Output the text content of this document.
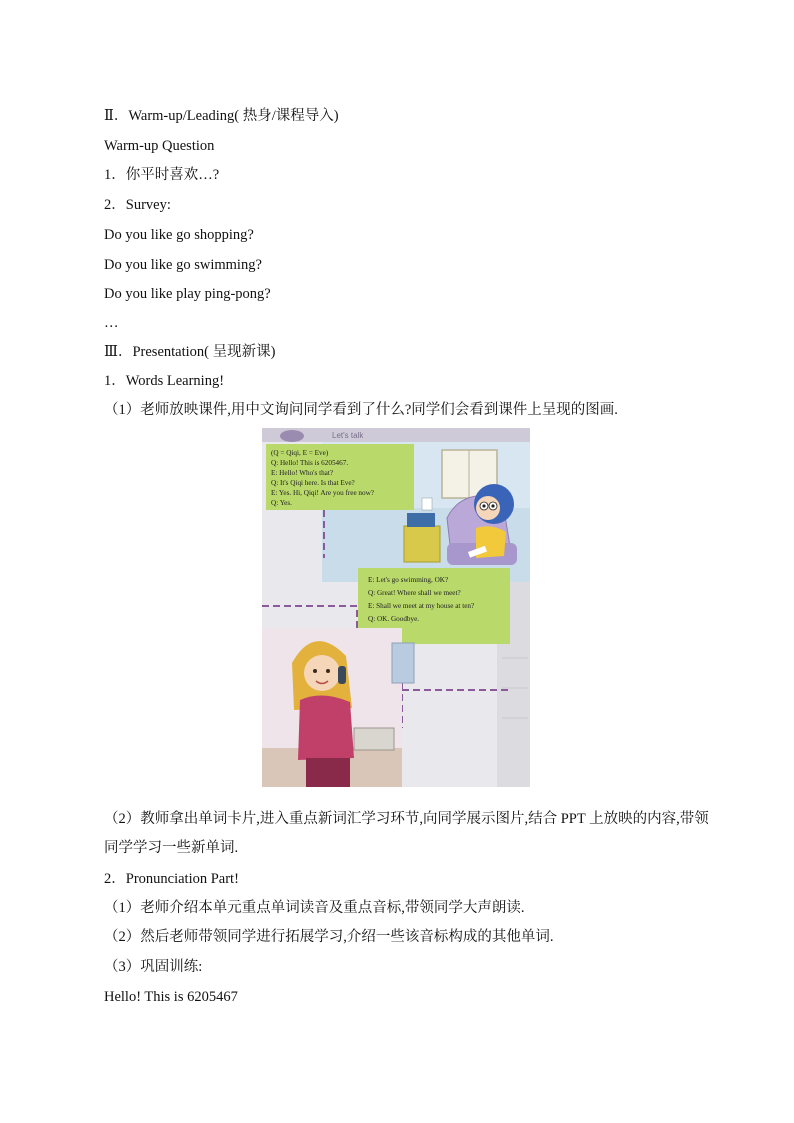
Ⅱ．Warm-up/Leading( 热身/课程导入)

Warm-up Question

1．你平时喜欢…?

2．Survey:

Do you like go shopping?

Do you like go swimming?

Do you like play ping-pong?

…

Ⅲ．Presentation( 呈现新课)

1．Words Learning!

（1）老师放映课件,用中文询问同学看到了什么?同学们会看到课件上呈现的图画.

Let's talk
(Q = Qiqi, E = Eve)
Q: Hello! This is 6205467.
E: Hello! Who's that?
Q: It's Qiqi here. Is that Eve?
E: Yes. Hi, Qiqi! Are you free now?
Q: Yes.
E: Let's go swimming, OK?
Q: Great! Where shall we meet?
E: Shall we meet at my house at ten?
Q: OK. Goodbye.

（2）教师拿出单词卡片,进入重点新词汇学习环节,向同学展示图片,结合 PPT 上放映的内容,带领同学学习一些新单词.

2．Pronunciation Part!

（1）老师介绍本单元重点单词读音及重点音标,带领同学大声朗读.

（2）然后老师带领同学进行拓展学习,介绍一些该音标构成的其他单词.

（3）巩固训练:

Hello! This is 6205467
